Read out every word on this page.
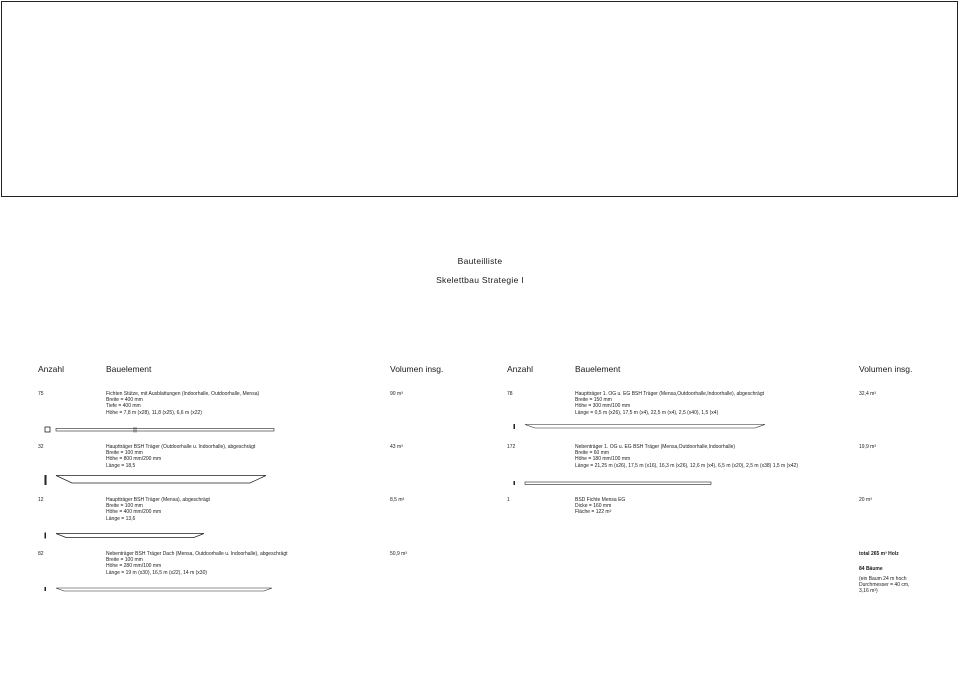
Bauteilliste
Skelettbau Strategie I
Anzahl	Bauelement	Volumen insg.	Anzahl	Bauelement	Volumen insg.
75	Fichten Stütze, mit Ausblattungen (Indoorhalle, Outdoorhalle, Mensa)
Breite = 400 mm
Tiefe = 400 mm
Höhe = 7,8 m (x28), 11,8 (x25), 6,6 m (x22)
90 m³
32	Hauptträger BSH Träger (Outdoorhalle u. Indoorhalle), abgeschrägt
Breite = 100 mm
Höhe = 800 mm/200 mm
Länge = 18,5
43 m³
12	Hauptträger BSH Träger (Mensa), abgeschrägt
Breite = 100 mm
Höhe = 400 mm/200 mm
Länge = 13,6
8,5 m³
82	Nebenträger BSH Träger Dach (Mensa, Outdoorhalle u. Indoorhalle), abgeschrägt
Breite = 100 mm
Höhe = 280 mm/100 mm
Länge = 19 m (x30), 16,5 m (x22), 14 m (x30)
50,9 m³
78	Hauptträger 1. OG u. EG BSH Träger (Mensa,Outdoorhalle,Indoorhalle), abgeschrägt
Breite = 150 mm
Höhe = 300 mm/100 mm
Länge = 0,5 m (x26), 17,5 m (x4), 22,5 m (x4), 2,5 (x40), 1,5 (x4)
32,4 m³
172	Nebenträger 1. OG u. EG BSH Träger (Mensa,Outdoorhalle,Indoorhalle)
Breite = 60 mm
Höhe = 180 mm/100 mm
Länge = 21,25 m (x26), 17,5 m (x16), 16,3 m (x26), 12,6 m (x4), 6,5 m (x20), 2,5 m (x38) 1,5 m (x42)
19,9 m³
1	BSD Fichte Mensa EG
Dicke = 160 mm
Fläche = 122 m²
20 m³
total 265 m³ Holz
84 Bäume
(ein Baum 24 m hoch
Durchmesser = 40 cm,
3,16 m³)
